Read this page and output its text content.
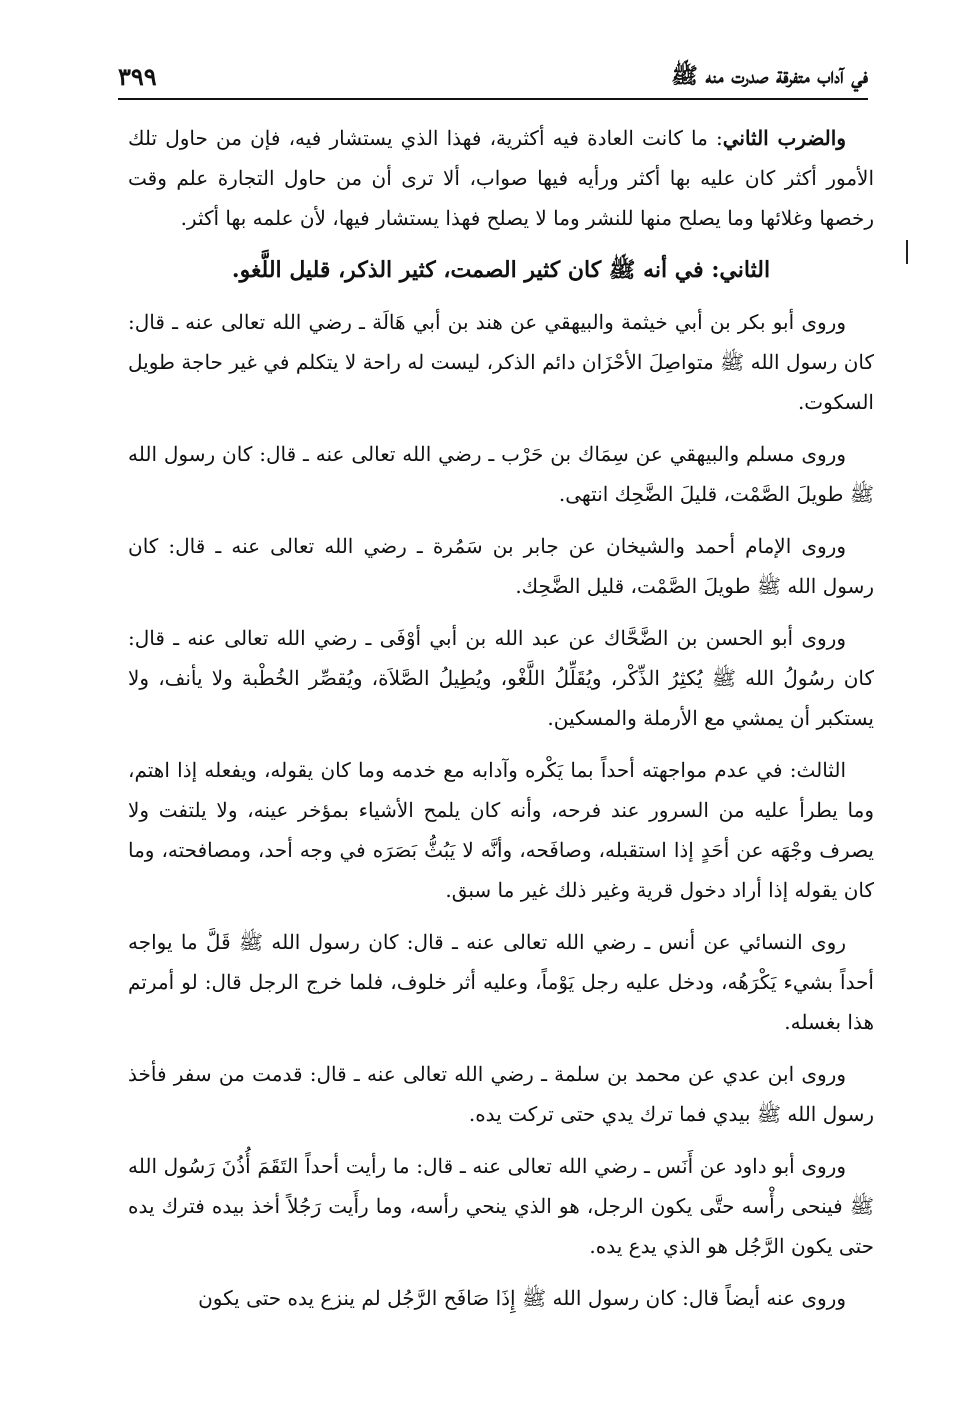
في آداب متفرقة صدرت منه ﷺ
٣٩٩

والضرب الثاني: ما كانت العادة فيه أكثرية، فهذا الذي يستشار فيه، فإن من حاول تلك الأمور أكثر كان عليه بها أكثر ورأيه فيها صواب، ألا ترى أن من حاول التجارة علم وقت رخصها وغلائها وما يصلح منها للنشر وما لا يصلح فهذا يستشار فيها، لأن علمه بها أكثر.

الثاني: في أنه ﷺ كان كثير الصمت، كثير الذكر، قليل اللَّغو.

وروى أبو بكر بن أبي خيثمة والبيهقي عن هند بن أبي هَالَة ـ رضي الله تعالى عنه ـ قال: كان رسول الله ﷺ متواصِلَ الأحْزَان دائم الذكر، ليست له راحة لا يتكلم في غير حاجة طويل السكوت.

وروى مسلم والبيهقي عن سِمَاك بن حَرْب ـ رضي الله تعالى عنه ـ قال: كان رسول الله ﷺ طويلَ الصَّمْت، قليلَ الضَّحِك انتهى.

وروى الإمام أحمد والشيخان عن جابر بن سَمُرة ـ رضي الله تعالى عنه ـ قال: كان رسول الله ﷺ طويلَ الصَّمْت، قليل الضَّحِك.

وروى أبو الحسن بن الضَّحَّاك عن عبد الله بن أبي أوْفَى ـ رضي الله تعالى عنه ـ قال: كان رسُولُ الله ﷺ يُكثِرُ الذِّكْر، ويُقَلِّلُ اللَّغْو، ويُطِيلُ الصَّلاَة، ويُقصِّر الخُطْبة ولا يأنف، ولا يستكبر أن يمشي مع الأرملة والمسكين.

الثالث: في عدم مواجهته أحداً بما يَكْره وآدابه مع خدمه وما كان يقوله، ويفعله إذا اهتم، وما يطرأ عليه من السرور عند فرحه، وأنه كان يلمح الأشياء بمؤخر عينه، ولا يلتفت ولا يصرف وجْهَه عن أحَدٍ إذا استقبله، وصافَحه، وأنَّه لا يَبُثُّ بَصَرَه في وجه أحد، ومصافحته، وما كان يقوله إذا أراد دخول قرية وغير ذلك غير ما سبق.

روى النسائي عن أنس ـ رضي الله تعالى عنه ـ قال: كان رسول الله ﷺ قَلَّ ما يواجه أحداً بشيء يَكْرَهُه، ودخل عليه رجل يَوْماً، وعليه أثر خلوف، فلما خرج الرجل قال: لو أمرتم هذا بغسله.

وروى ابن عدي عن محمد بن سلمة ـ رضي الله تعالى عنه ـ قال: قدمت من سفر فأخذ رسول الله ﷺ بيدي فما ترك يدي حتى تركت يده.

وروى أبو داود عن أَنَس ـ رضي الله تعالى عنه ـ قال: ما رأيت أحداً التَقَمَ أُذُنَ رَسُول الله ﷺ فينحى رأْسه حتَّى يكون الرجل، هو الذي ينحي رأسه، وما رأَيت رَجُلاً أخذ بيده فترك يده حتى يكون الرَّجُل هو الذي يدع يده.

وروى عنه أيضاً قال: كان رسول الله ﷺ إِذَا صَافَح الرَّجُل لم ينزع يده حتى يكون
